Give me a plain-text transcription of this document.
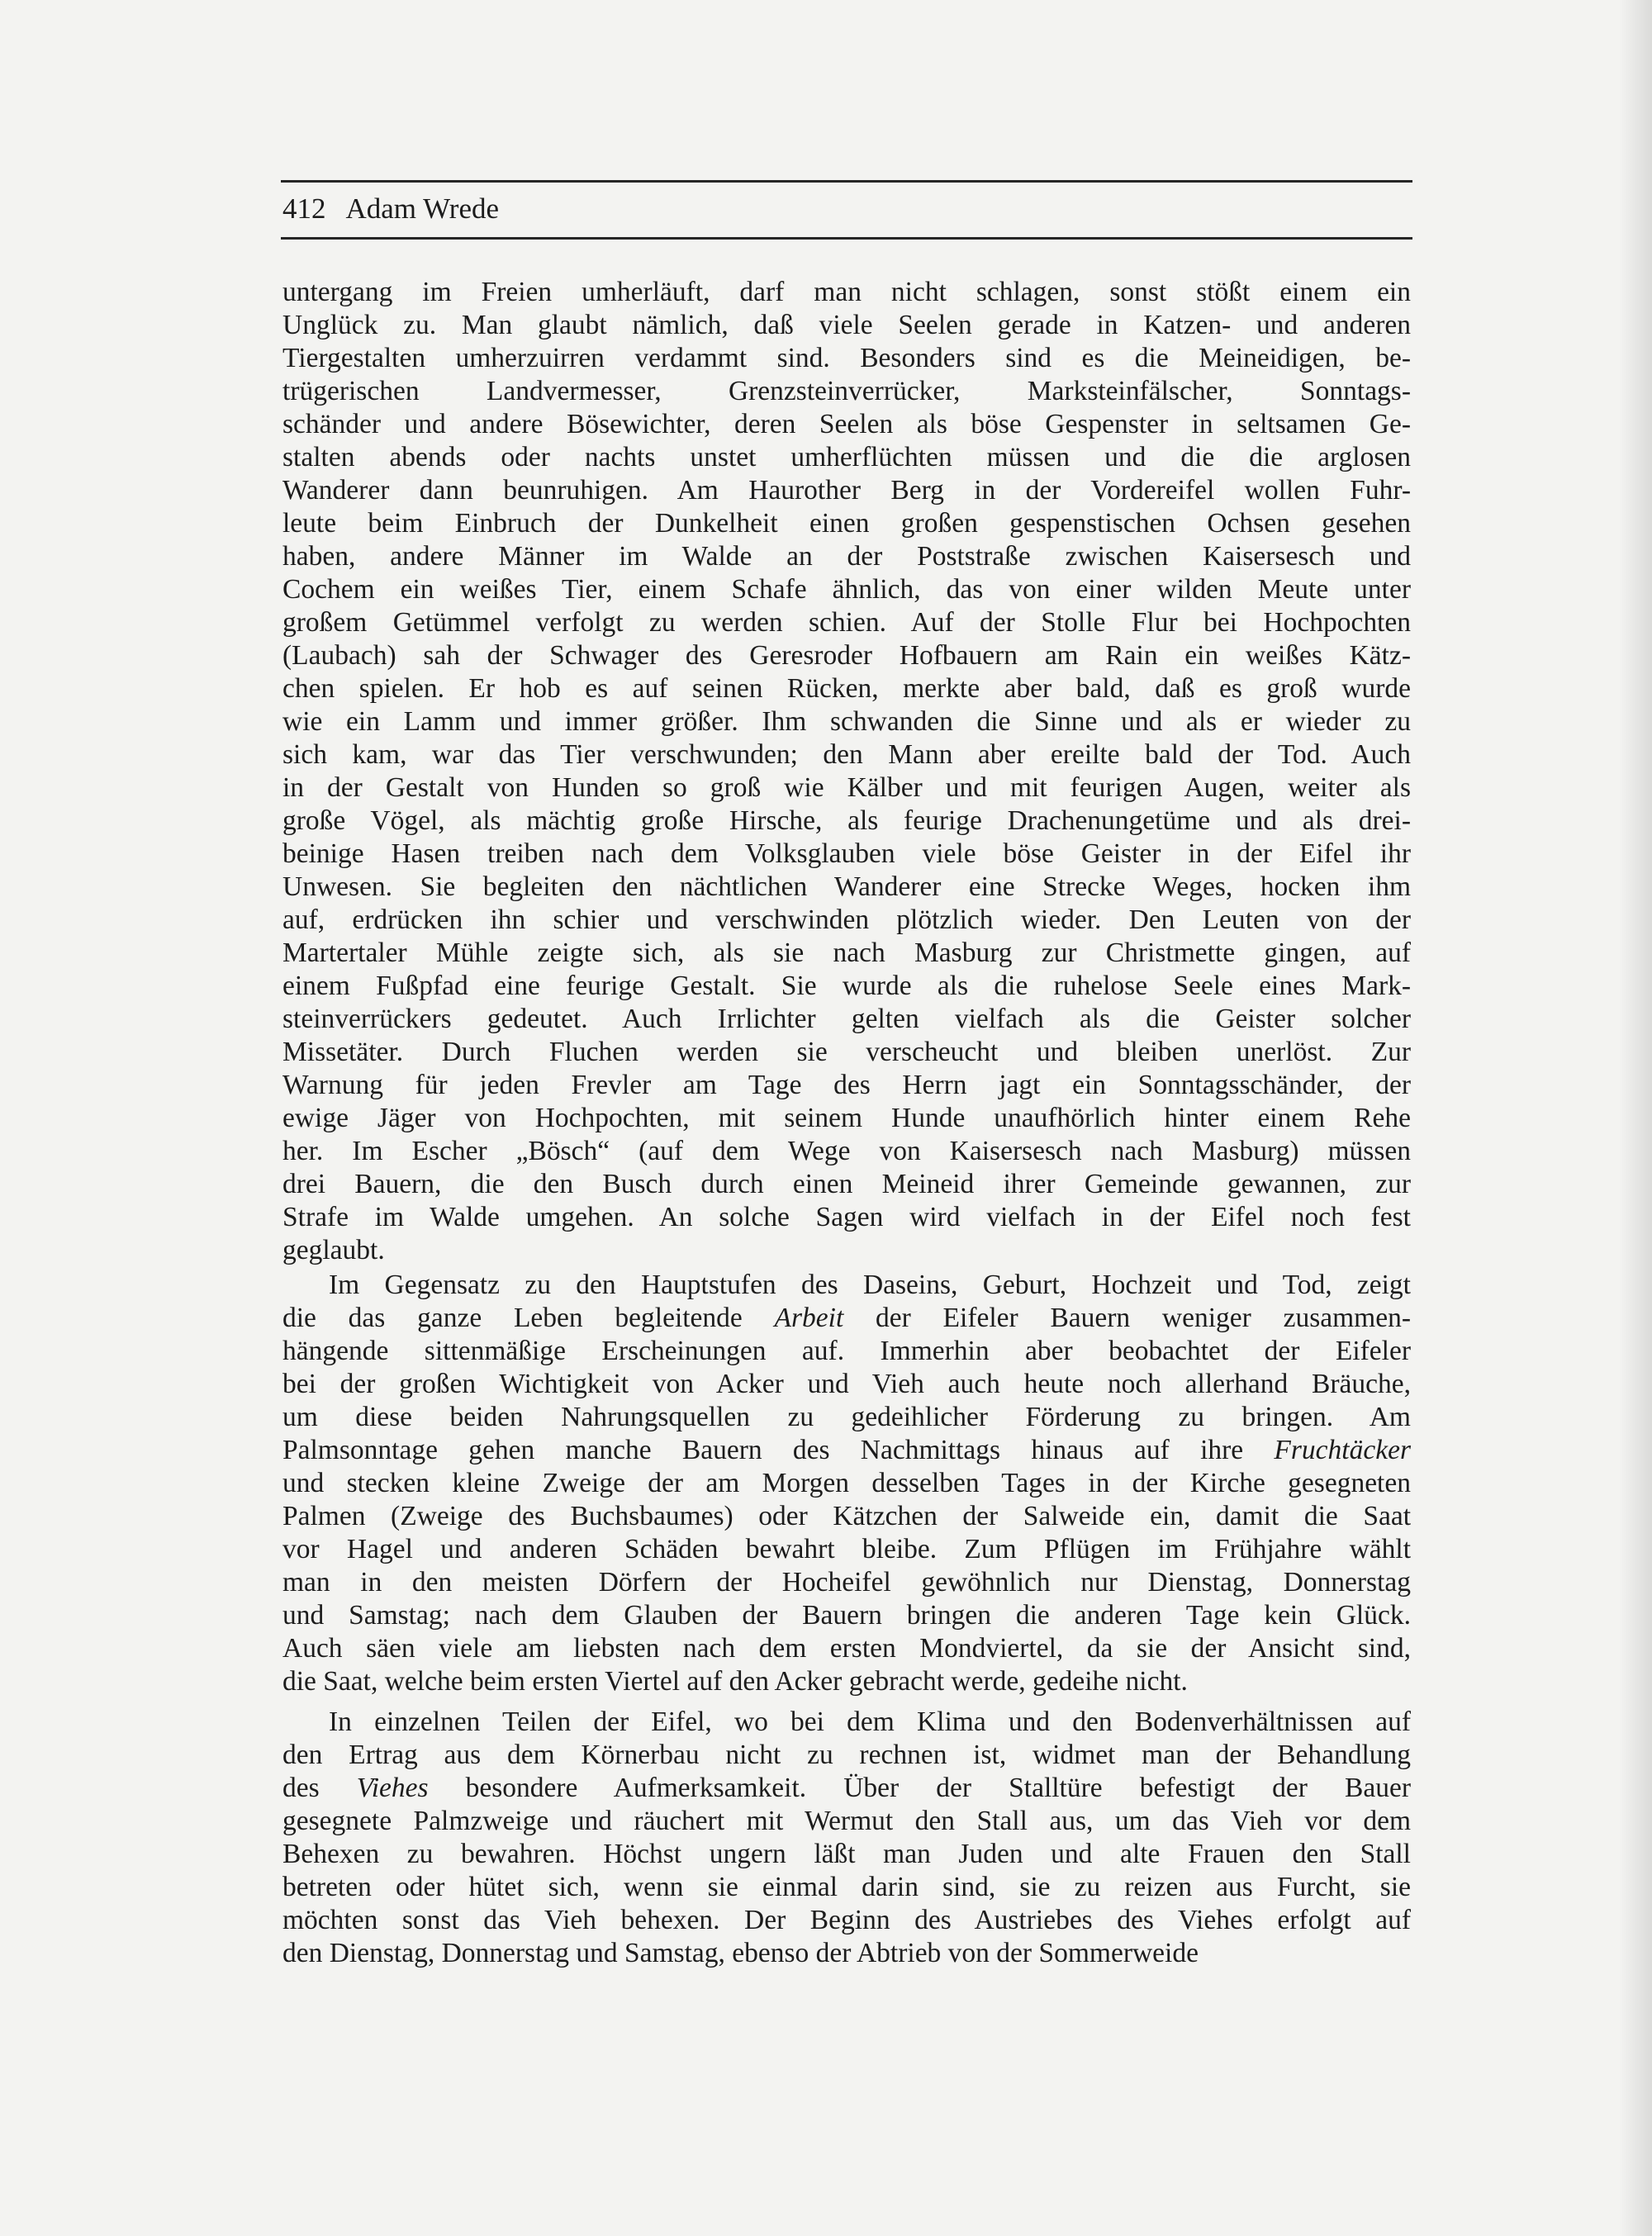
412 Adam Wrede
untergang im Freien umherläuft, darf man nicht schlagen, sonst stößt einem ein
Unglück zu. Man glaubt nämlich, daß viele Seelen gerade in Katzen- und anderen
Tiergestalten umherzuirren verdammt sind. Besonders sind es die Meineidigen, be-
trügerischen Landvermesser, Grenzsteinverrücker, Marksteinfälscher, Sonntags-
schänder und andere Bösewichter, deren Seelen als böse Gespenster in seltsamen Ge-
stalten abends oder nachts unstet umherflüchten müssen und die die arglosen
Wanderer dann beunruhigen. Am Haurother Berg in der Vordereifel wollen Fuhr-
leute beim Einbruch der Dunkelheit einen großen gespenstischen Ochsen gesehen
haben, andere Männer im Walde an der Poststraße zwischen Kaisersesch und
Cochem ein weißes Tier, einem Schafe ähnlich, das von einer wilden Meute unter
großem Getümmel verfolgt zu werden schien. Auf der Stolle Flur bei Hochpochten
(Laubach) sah der Schwager des Geresroder Hofbauern am Rain ein weißes Kätz-
chen spielen. Er hob es auf seinen Rücken, merkte aber bald, daß es groß wurde
wie ein Lamm und immer größer. Ihm schwanden die Sinne und als er wieder zu
sich kam, war das Tier verschwunden; den Mann aber ereilte bald der Tod. Auch
in der Gestalt von Hunden so groß wie Kälber und mit feurigen Augen, weiter als
große Vögel, als mächtig große Hirsche, als feurige Drachenungetüme und als drei-
beinige Hasen treiben nach dem Volksglauben viele böse Geister in der Eifel ihr
Unwesen. Sie begleiten den nächtlichen Wanderer eine Strecke Weges, hocken ihm
auf, erdrücken ihn schier und verschwinden plötzlich wieder. Den Leuten von der
Martertaler Mühle zeigte sich, als sie nach Masburg zur Christmette gingen, auf
einem Fußpfad eine feurige Gestalt. Sie wurde als die ruhelose Seele eines Mark-
steinverrückers gedeutet. Auch Irrlichter gelten vielfach als die Geister solcher
Missetäter. Durch Fluchen werden sie verscheucht und bleiben unerlöst. Zur
Warnung für jeden Frevler am Tage des Herrn jagt ein Sonntagsschänder, der
ewige Jäger von Hochpochten, mit seinem Hunde unaufhörlich hinter einem Rehe
her. Im Escher „Bösch“ (auf dem Wege von Kaisersesch nach Masburg) müssen
drei Bauern, die den Busch durch einen Meineid ihrer Gemeinde gewannen, zur
Strafe im Walde umgehen. An solche Sagen wird vielfach in der Eifel noch fest
geglaubt.
Im Gegensatz zu den Hauptstufen des Daseins, Geburt, Hochzeit und Tod, zeigt
die das ganze Leben begleitende Arbeit der Eifeler Bauern weniger zusammen-
hängende sittenmäßige Erscheinungen auf. Immerhin aber beobachtet der Eifeler
bei der großen Wichtigkeit von Acker und Vieh auch heute noch allerhand Bräuche,
um diese beiden Nahrungsquellen zu gedeihlicher Förderung zu bringen. Am
Palmsonntage gehen manche Bauern des Nachmittags hinaus auf ihre Fruchtäcker
und stecken kleine Zweige der am Morgen desselben Tages in der Kirche gesegneten
Palmen (Zweige des Buchsbaumes) oder Kätzchen der Salweide ein, damit die Saat
vor Hagel und anderen Schäden bewahrt bleibe. Zum Pflügen im Frühjahre wählt
man in den meisten Dörfern der Hocheifel gewöhnlich nur Dienstag, Donnerstag
und Samstag; nach dem Glauben der Bauern bringen die anderen Tage kein Glück.
Auch säen viele am liebsten nach dem ersten Mondviertel, da sie der Ansicht sind,
die Saat, welche beim ersten Viertel auf den Acker gebracht werde, gedeihe nicht.
In einzelnen Teilen der Eifel, wo bei dem Klima und den Bodenverhältnissen auf
den Ertrag aus dem Körnerbau nicht zu rechnen ist, widmet man der Behandlung
des Viehes besondere Aufmerksamkeit. Über der Stalltüre befestigt der Bauer
gesegnete Palmzweige und räuchert mit Wermut den Stall aus, um das Vieh vor dem
Behexen zu bewahren. Höchst ungern läßt man Juden und alte Frauen den Stall
betreten oder hütet sich, wenn sie einmal darin sind, sie zu reizen aus Furcht, sie
möchten sonst das Vieh behexen. Der Beginn des Austriebes des Viehes erfolgt auf
den Dienstag, Donnerstag und Samstag, ebenso der Abtrieb von der Sommerweide
